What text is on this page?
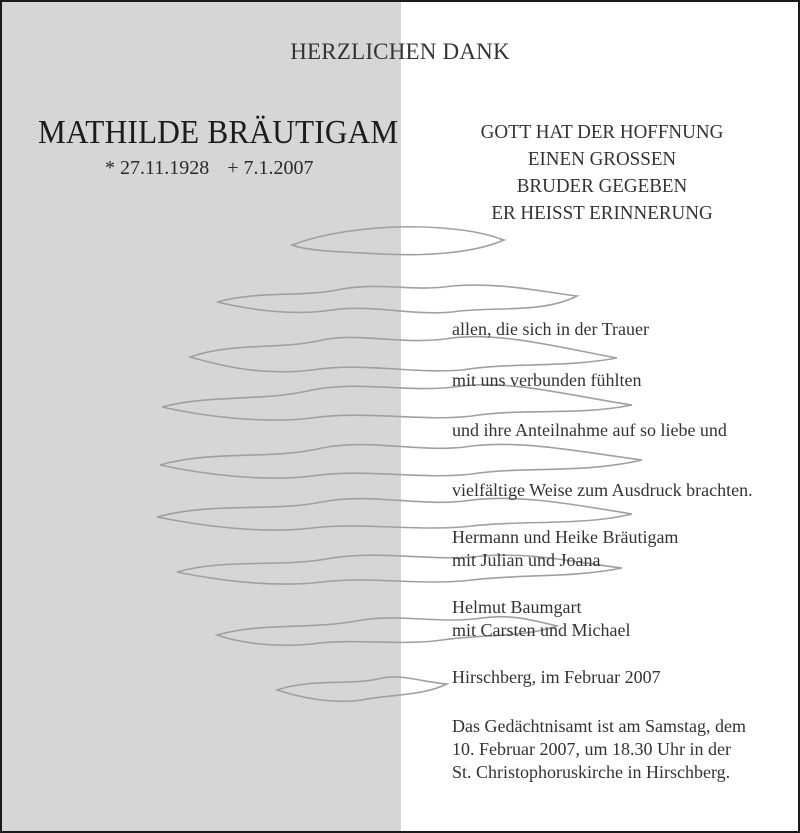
HERZLICHEN DANK
MATHILDE BRÄUTIGAM
* 27.11.1928 + 7.1.2007
GOTT HAT DER HOFFNUNG
EINEN GROSSEN
BRUDER GEGEBEN
ER HEISST ERINNERUNG
allen, die sich in der Trauer
mit uns verbunden fühlten
und ihre Anteilnahme auf so liebe und
vielfältige Weise zum Ausdruck brachten.
Hermann und Heike Bräutigam
mit Julian und Joana
Helmut Baumgart
mit Carsten und Michael
Hirschberg, im Februar 2007
Das Gedächtnisamt ist am Samstag, dem
10. Februar 2007, um 18.30 Uhr in der
St. Christophoruskirche in Hirschberg.
